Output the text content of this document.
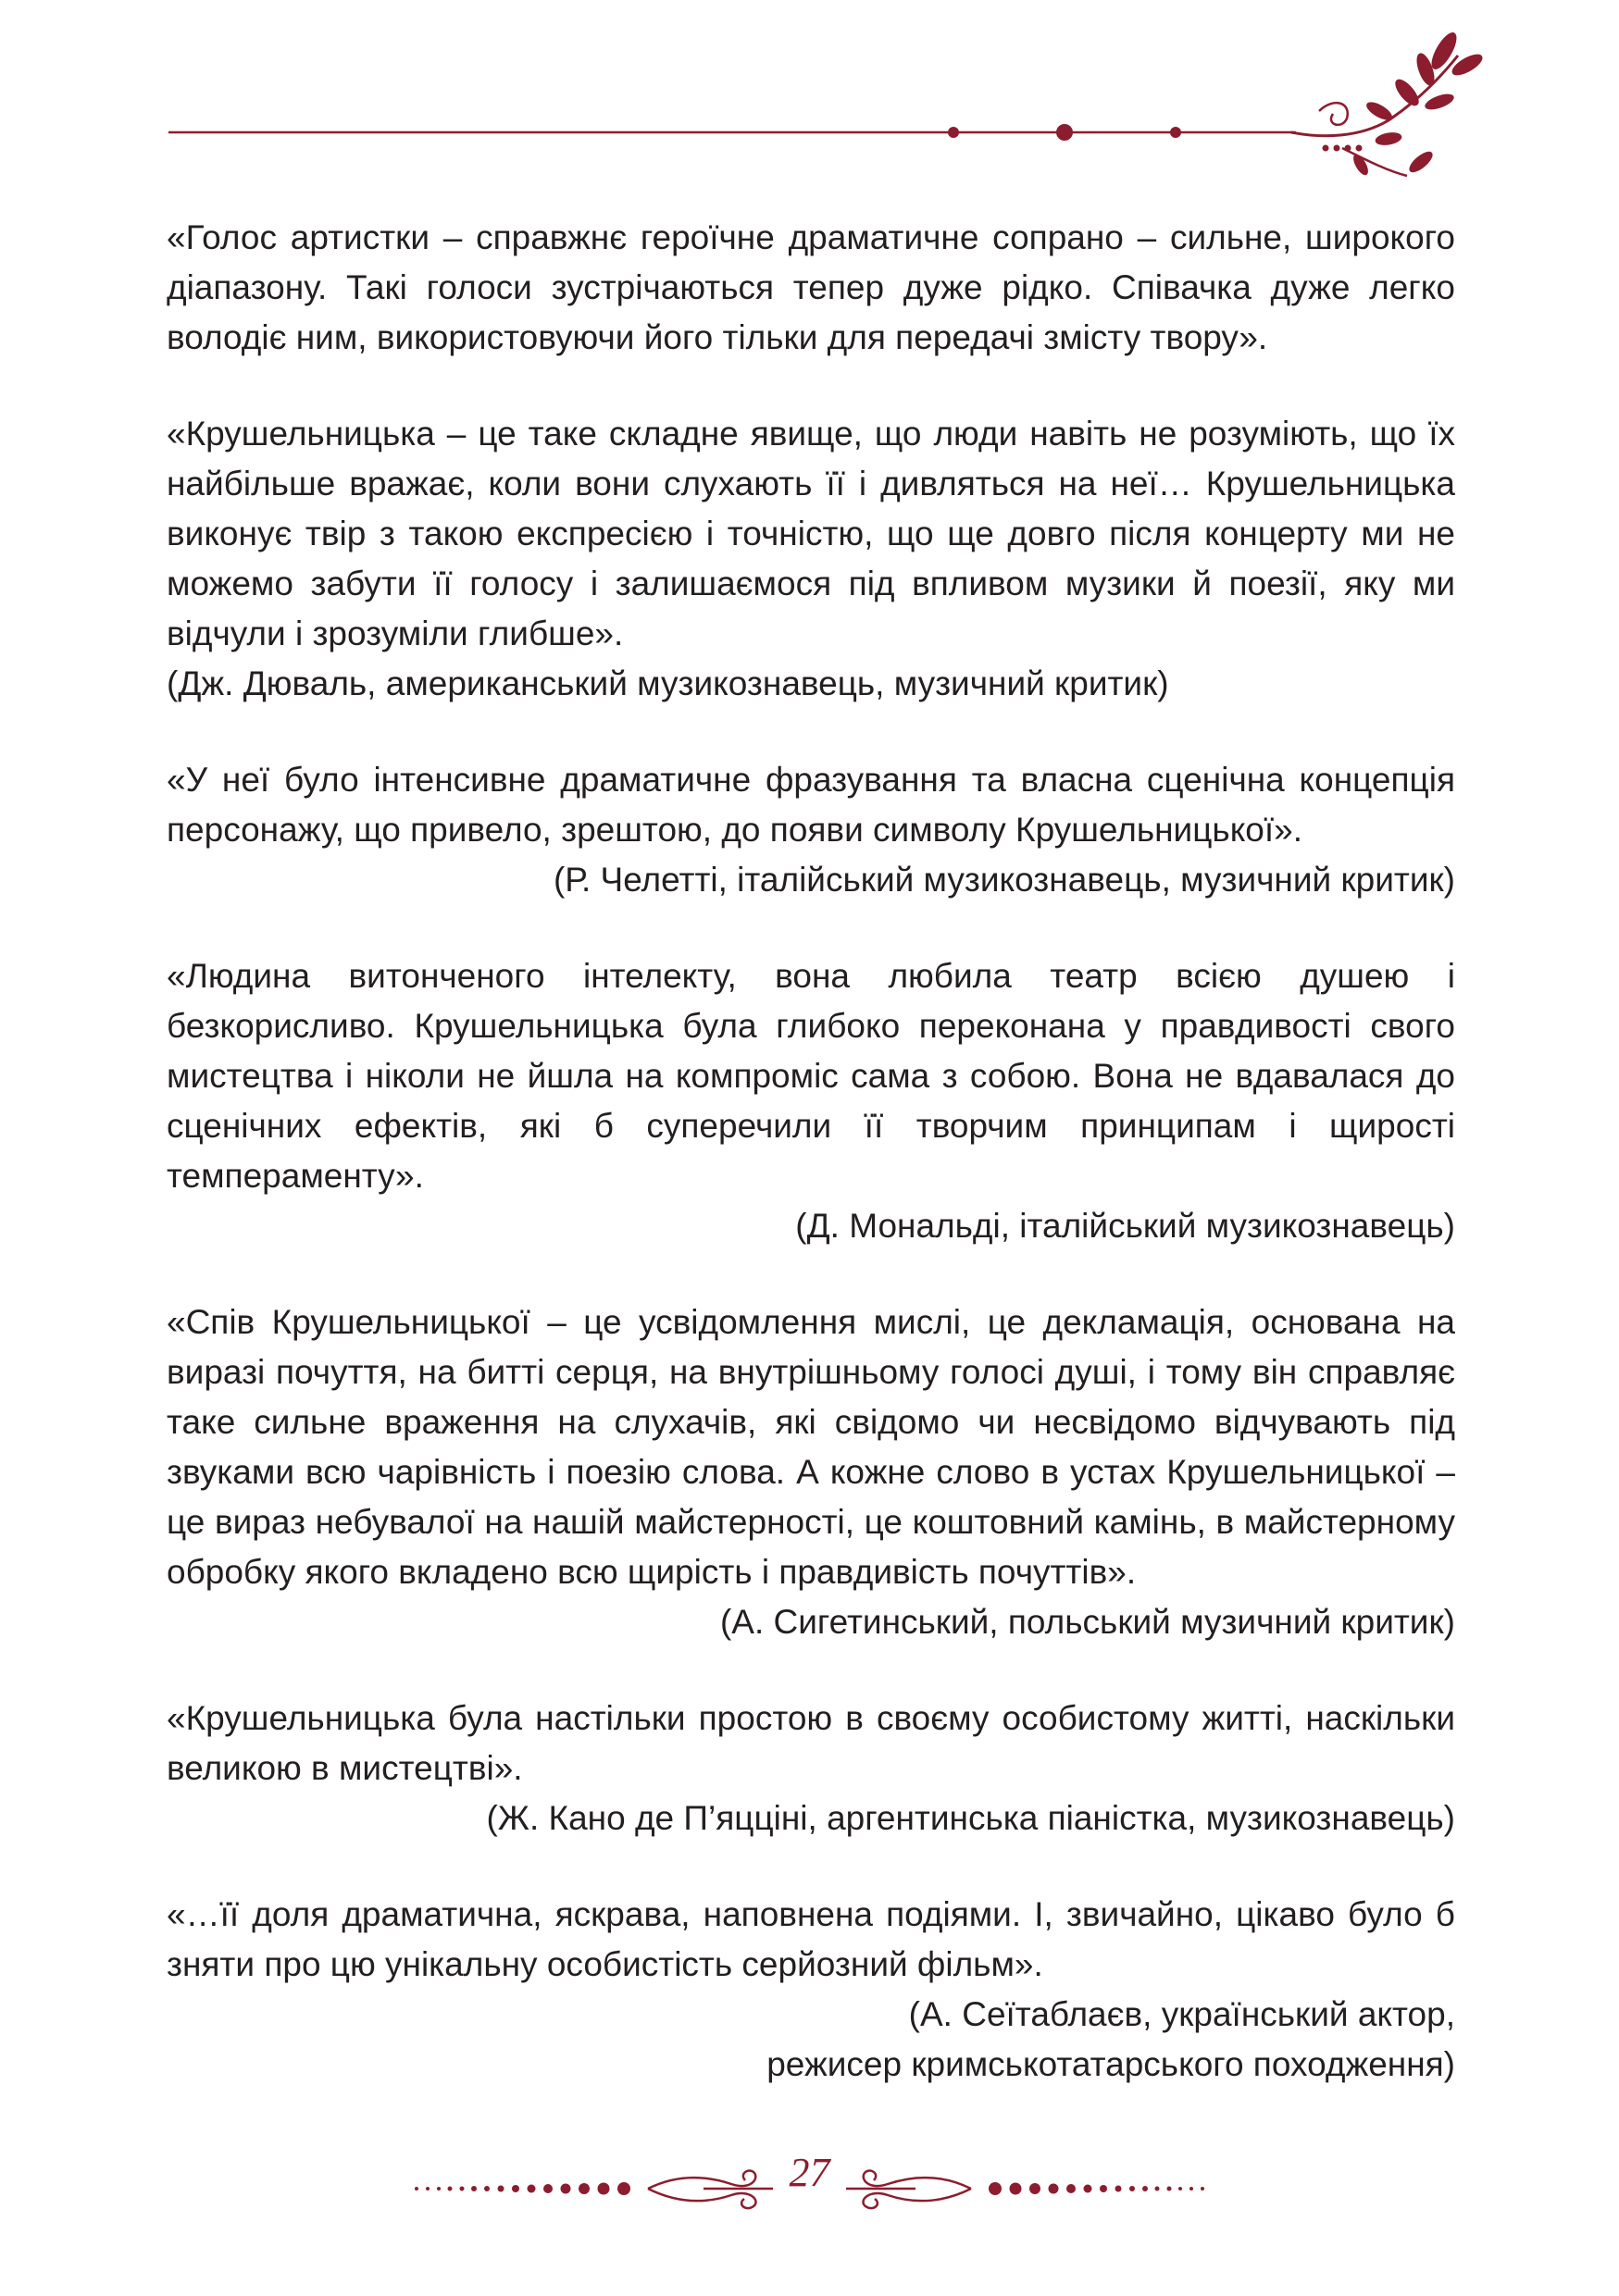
«Голос артистки – справжнє героїчне драматичне сопрано – сильне, широкого діапазону. Такі голоси зустрічаються тепер дуже рідко. Співачка дуже легко володіє ним, використовуючи його тільки для передачі змісту твору».
«Крушельницька – це таке складне явище, що люди навіть не розуміють, що їх найбільше вражає, коли вони слухають її і дивляться на неї… Крушельницька виконує твір з такою експресією і точністю, що ще довго після концерту ми не можемо забути її голосу і залишаємося під впливом музики й поезії, яку ми відчули і зрозуміли глибше».
(Дж. Дюваль, американський музикознавець, музичний критик)
«У неї було інтенсивне драматичне фразування та власна сценічна концепція персонажу, що привело, зрештою, до появи символу Крушельницької».
(Р. Челетті, італійський музикознавець, музичний критик)
«Людина витонченого інтелекту, вона любила театр всією душею і безкорисливо. Крушельницька була глибоко переконана у правдивості свого мистецтва і ніколи не йшла на компроміс сама з собою. Вона не вдавалася до сценічних ефектів, які б суперечили її творчим принципам і щирості темпераменту».
(Д. Мональді, італійський музикознавець)
«Спів Крушельницької – це усвідомлення мислі, це декламація, основана на виразі почуття, на битті серця, на внутрішньому голосі душі, і тому він справляє таке сильне враження на слухачів, які свідомо чи несвідомо відчувають під звуками всю чарівність і поезію слова. А кожне слово в устах Крушельницької – це вираз небувалої на нашій майстерності, це коштовний камінь, в майстерному обробку якого вкладено всю щирість і правдивість почуттів».
(А. Сигетинський, польський музичний критик)
«Крушельницька була настільки простою в своєму особистому житті, наскільки великою в мистецтві».
(Ж. Кано де П’яццiні, аргентинська піаністка, музикознавець)
«…її доля драматична, яскрава, наповнена подіями. І, звичайно, цікаво було б зняти про цю унікальну особистість серйозний фільм».
(А. Сеїтаблаєв, український актор,
режисер кримськотатарського походження)
27
